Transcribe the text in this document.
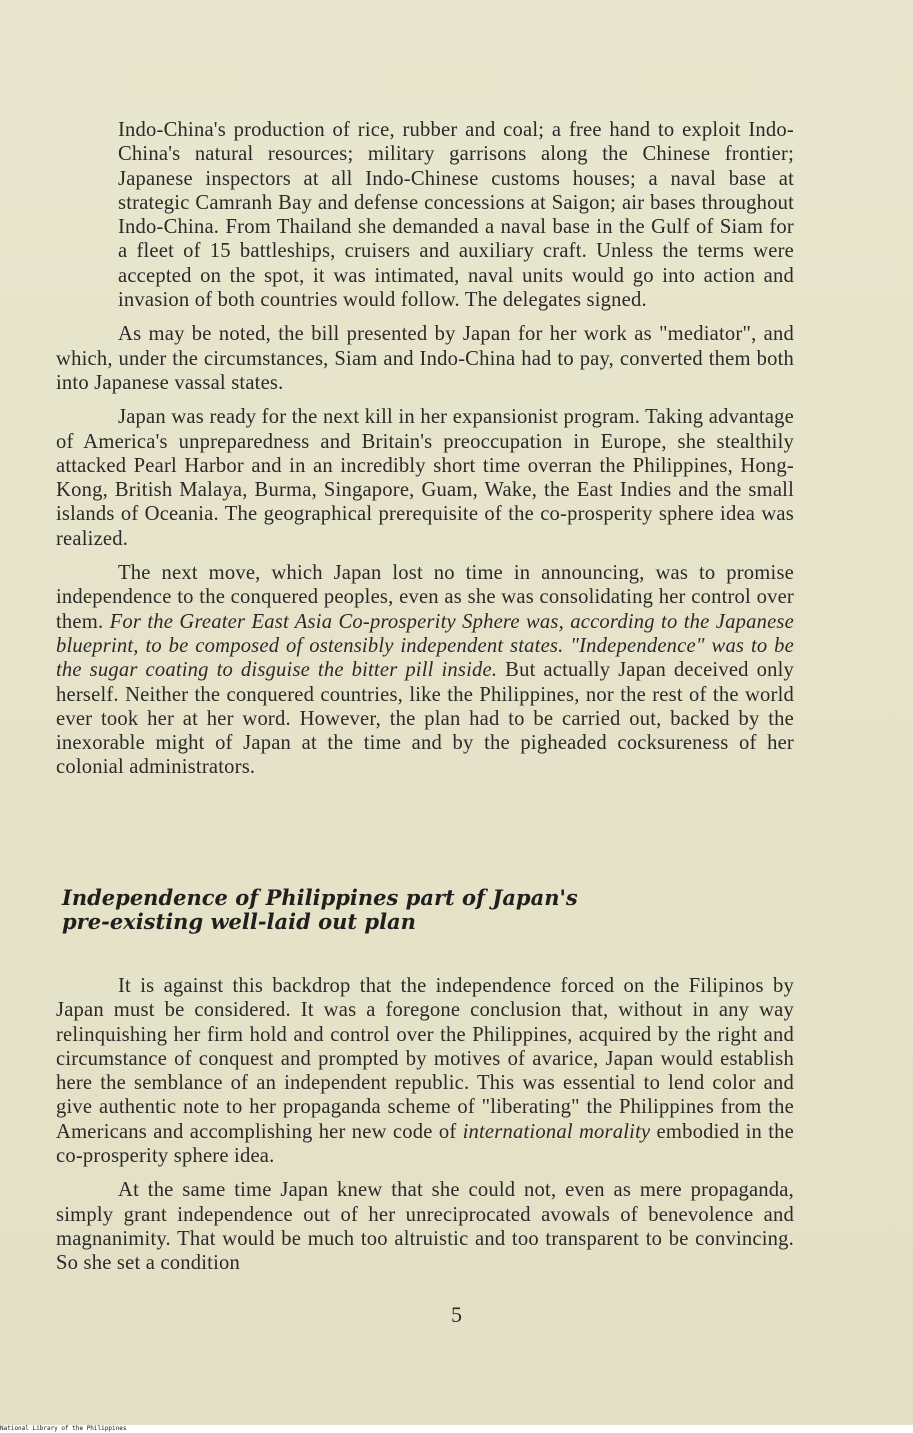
Indo-China's production of rice, rubber and coal; a free hand to exploit Indo-China's natural resources; military garrisons along the Chinese frontier; Japanese inspectors at all Indo-Chinese customs houses; a naval base at strategic Camranh Bay and defense concessions at Saigon; air bases throughout Indo-China. From Thailand she demanded a naval base in the Gulf of Siam for a fleet of 15 battleships, cruisers and auxiliary craft. Unless the terms were accepted on the spot, it was intimated, naval units would go into action and invasion of both countries would follow. The delegates signed.

As may be noted, the bill presented by Japan for her work as "mediator", and which, under the circumstances, Siam and Indo-China had to pay, converted them both into Japanese vassal states.

Japan was ready for the next kill in her expansionist program. Taking advantage of America's unpreparedness and Britain's preoccupation in Europe, she stealthily attacked Pearl Harbor and in an incredibly short time overran the Philippines, Hong-Kong, British Malaya, Burma, Singapore, Guam, Wake, the East Indies and the small islands of Oceania. The geographical prerequisite of the co-prosperity sphere idea was realized.

The next move, which Japan lost no time in announcing, was to promise independence to the conquered peoples, even as she was consolidating her control over them. For the Greater East Asia Co-prosperity Sphere was, according to the Japanese blueprint, to be composed of ostensibly independent states. "Independence" was to be the sugar coating to disguise the bitter pill inside. But actually Japan deceived only herself. Neither the conquered countries, like the Philippines, nor the rest of the world ever took her at her word. However, the plan had to be carried out, backed by the inexorable might of Japan at the time and by the pigheaded cocksureness of her colonial administrators.

Independence of Philippines part of Japan's pre-existing well-laid out plan

It is against this backdrop that the independence forced on the Filipinos by Japan must be considered. It was a foregone conclusion that, without in any way relinquishing her firm hold and control over the Philippines, acquired by the right and circumstance of conquest and prompted by motives of avarice, Japan would establish here the semblance of an independent republic. This was essential to lend color and give authentic note to her propaganda scheme of "liberating" the Philippines from the Americans and accomplishing her new code of international morality embodied in the co-prosperity sphere idea.

At the same time Japan knew that she could not, even as mere propaganda, simply grant independence out of her unreciprocated avowals of benevolence and magnanimity. That would be much too altruistic and too transparent to be convincing. So she set a condition

5
National Library of the Philippines
